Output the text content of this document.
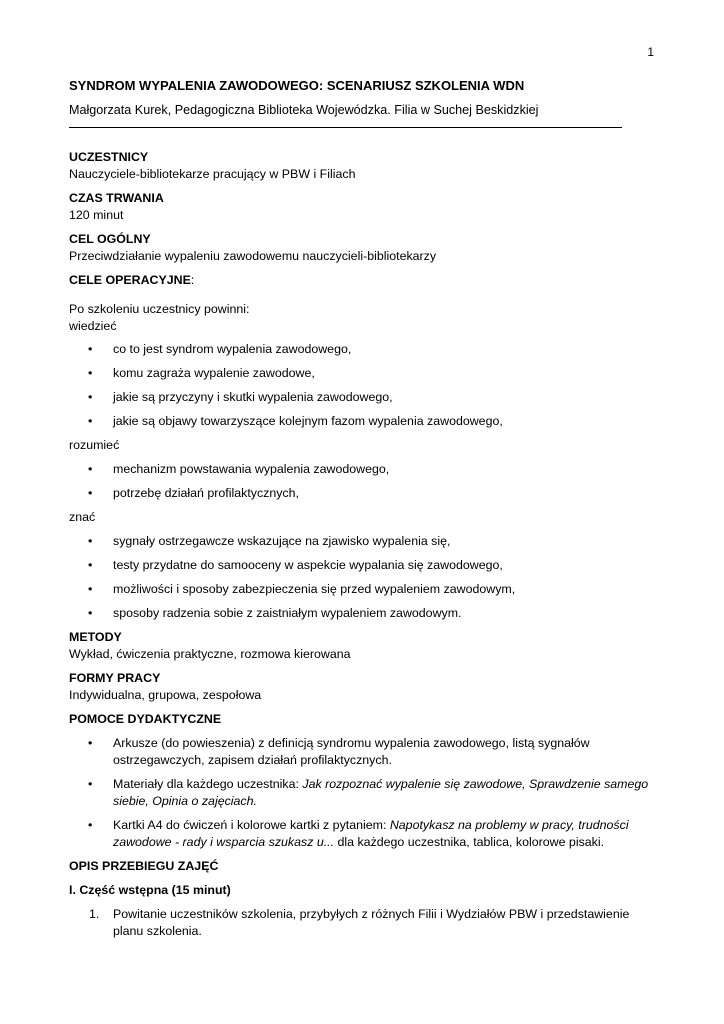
1
SYNDROM WYPALENIA ZAWODOWEGO: SCENARIUSZ SZKOLENIA WDN
Małgorzata Kurek, Pedagogiczna Biblioteka Wojewódzka. Filia w Suchej Beskidzkiej
UCZESTNICY

Nauczyciele-bibliotekarze pracujący w PBW i Filiach

CZAS TRWANIA

120 minut

CEL OGÓLNY

Przeciwdziałanie wypaleniu zawodowemu nauczycieli-bibliotekarzy

CELE OPERACYJNE:

Po szkoleniu uczestnicy powinni:

wiedzieć

• co to jest syndrom wypalenia zawodowego,
• komu zagraża wypalenie zawodowe,
• jakie są przyczyny i skutki wypalenia zawodowego,
• jakie są objawy towarzyszące kolejnym fazom wypalenia zawodowego,

rozumieć

• mechanizm powstawania wypalenia zawodowego,
• potrzebę działań profilaktycznych,

znać

• sygnały ostrzegawcze wskazujące na zjawisko wypalenia się,
• testy przydatne do samooceny w aspekcie wypalania się zawodowego,
• możliwości i sposoby zabezpieczenia się przed wypaleniem zawodowym,
• sposoby radzenia sobie z zaistniałym wypaleniem zawodowym.
METODY

Wykład, ćwiczenia praktyczne, rozmowa kierowana

FORMY PRACY

Indywidualna, grupowa, zespołowa

POMOCE DYDAKTYCZNE
• Arkusze (do powieszenia) z definicją syndromu wypalenia zawodowego, listą sygnałów ostrzegawczych, zapisem działań profilaktycznych.
• Materiały dla każdego uczestnika: Jak rozpoznać wypalenie się zawodowe, Sprawdzenie samego siebie, Opinia o zajęciach.
• Kartki A4 do ćwiczeń i kolorowe kartki z pytaniem: Napotykasz na problemy w pracy, trudności zawodowe - rady i wsparcia szukasz u... dla każdego uczestnika, tablica, kolorowe pisaki.
OPIS PRZEBIEGU ZAJĘĆ
I. Część wstępna (15 minut)
1. Powitanie uczestników szkolenia, przybyłych z różnych Filii i Wydziałów PBW i przedstawienie planu szkolenia.
